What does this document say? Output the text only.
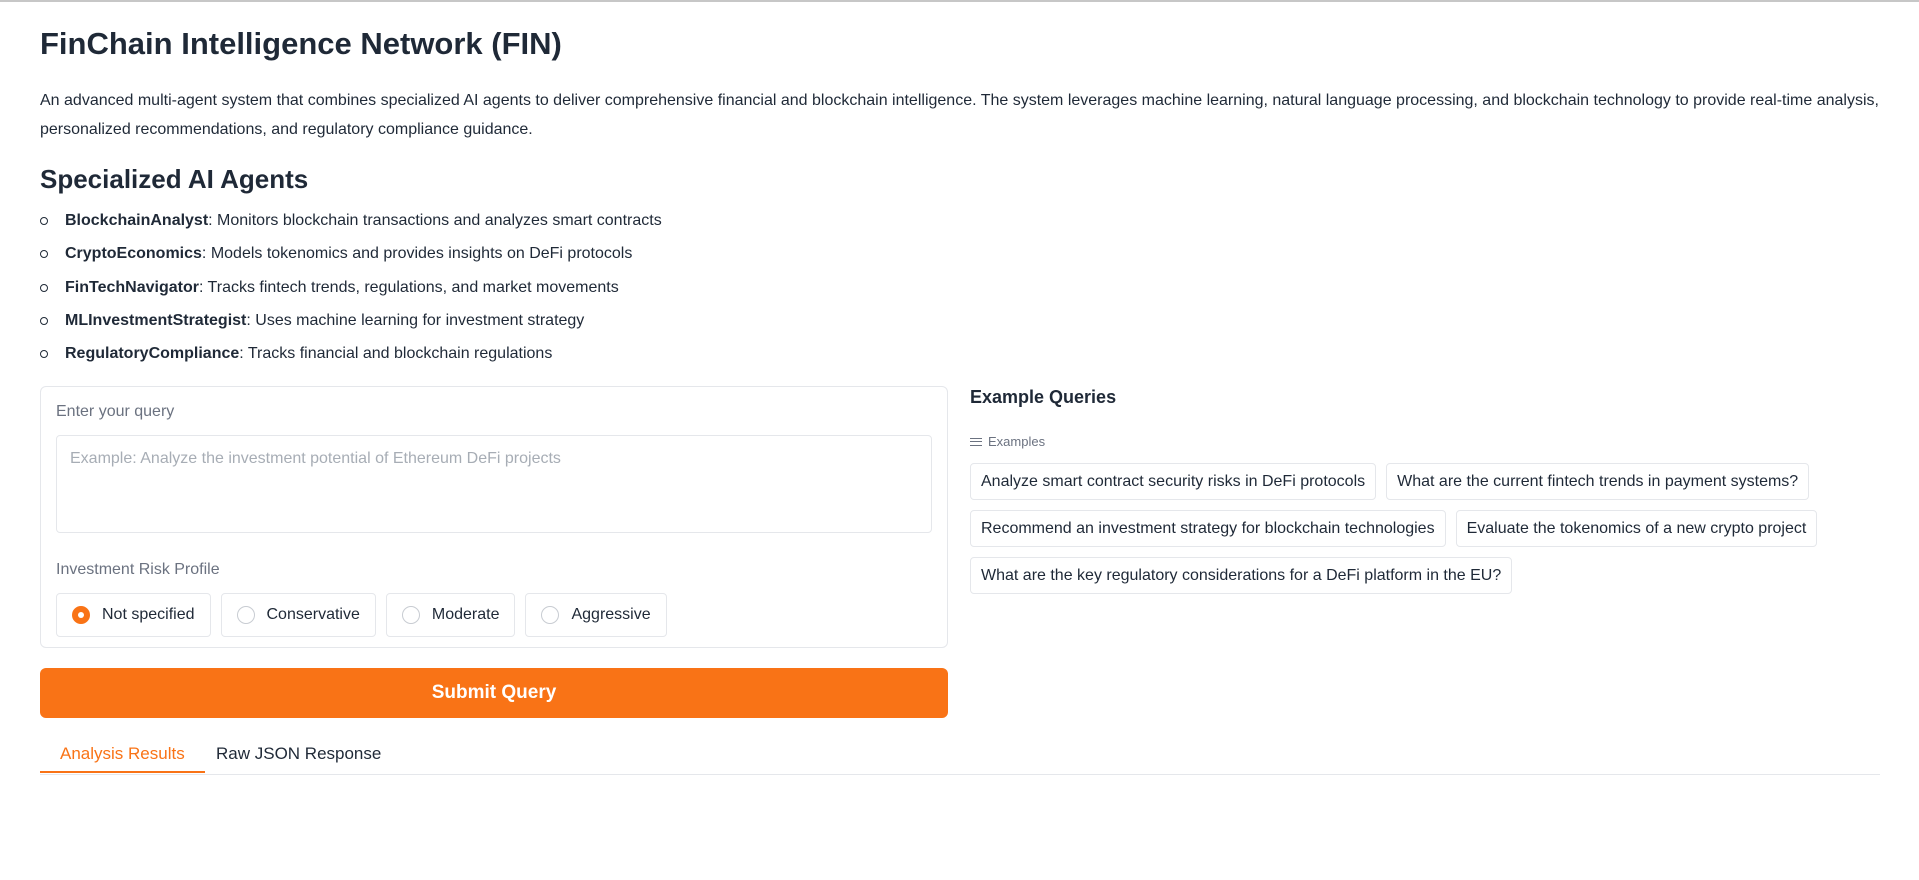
FinChain Intelligence Network (FIN)

An advanced multi-agent system that combines specialized AI agents to deliver comprehensive financial and blockchain intelligence. The system leverages machine learning, natural language processing, and blockchain technology to provide real-time analysis, personalized recommendations, and regulatory compliance guidance.

Specialized AI Agents
BlockchainAnalyst: Monitors blockchain transactions and analyzes smart contracts
CryptoEconomics: Models tokenomics and provides insights on DeFi protocols
FinTechNavigator: Tracks fintech trends, regulations, and market movements
MLInvestmentStrategist: Uses machine learning for investment strategy
RegulatoryCompliance: Tracks financial and blockchain regulations
Enter your query
Example: Analyze the investment potential of Ethereum DeFi projects
Investment Risk Profile
Not specified	Conservative	Moderate	Aggressive
Submit Query
Analysis Results	Raw JSON Response
Example Queries
Examples
Analyze smart contract security risks in DeFi protocols	What are the current fintech trends in payment systems?
Recommend an investment strategy for blockchain technologies	Evaluate the tokenomics of a new crypto project
What are the key regulatory considerations for a DeFi platform in the EU?
